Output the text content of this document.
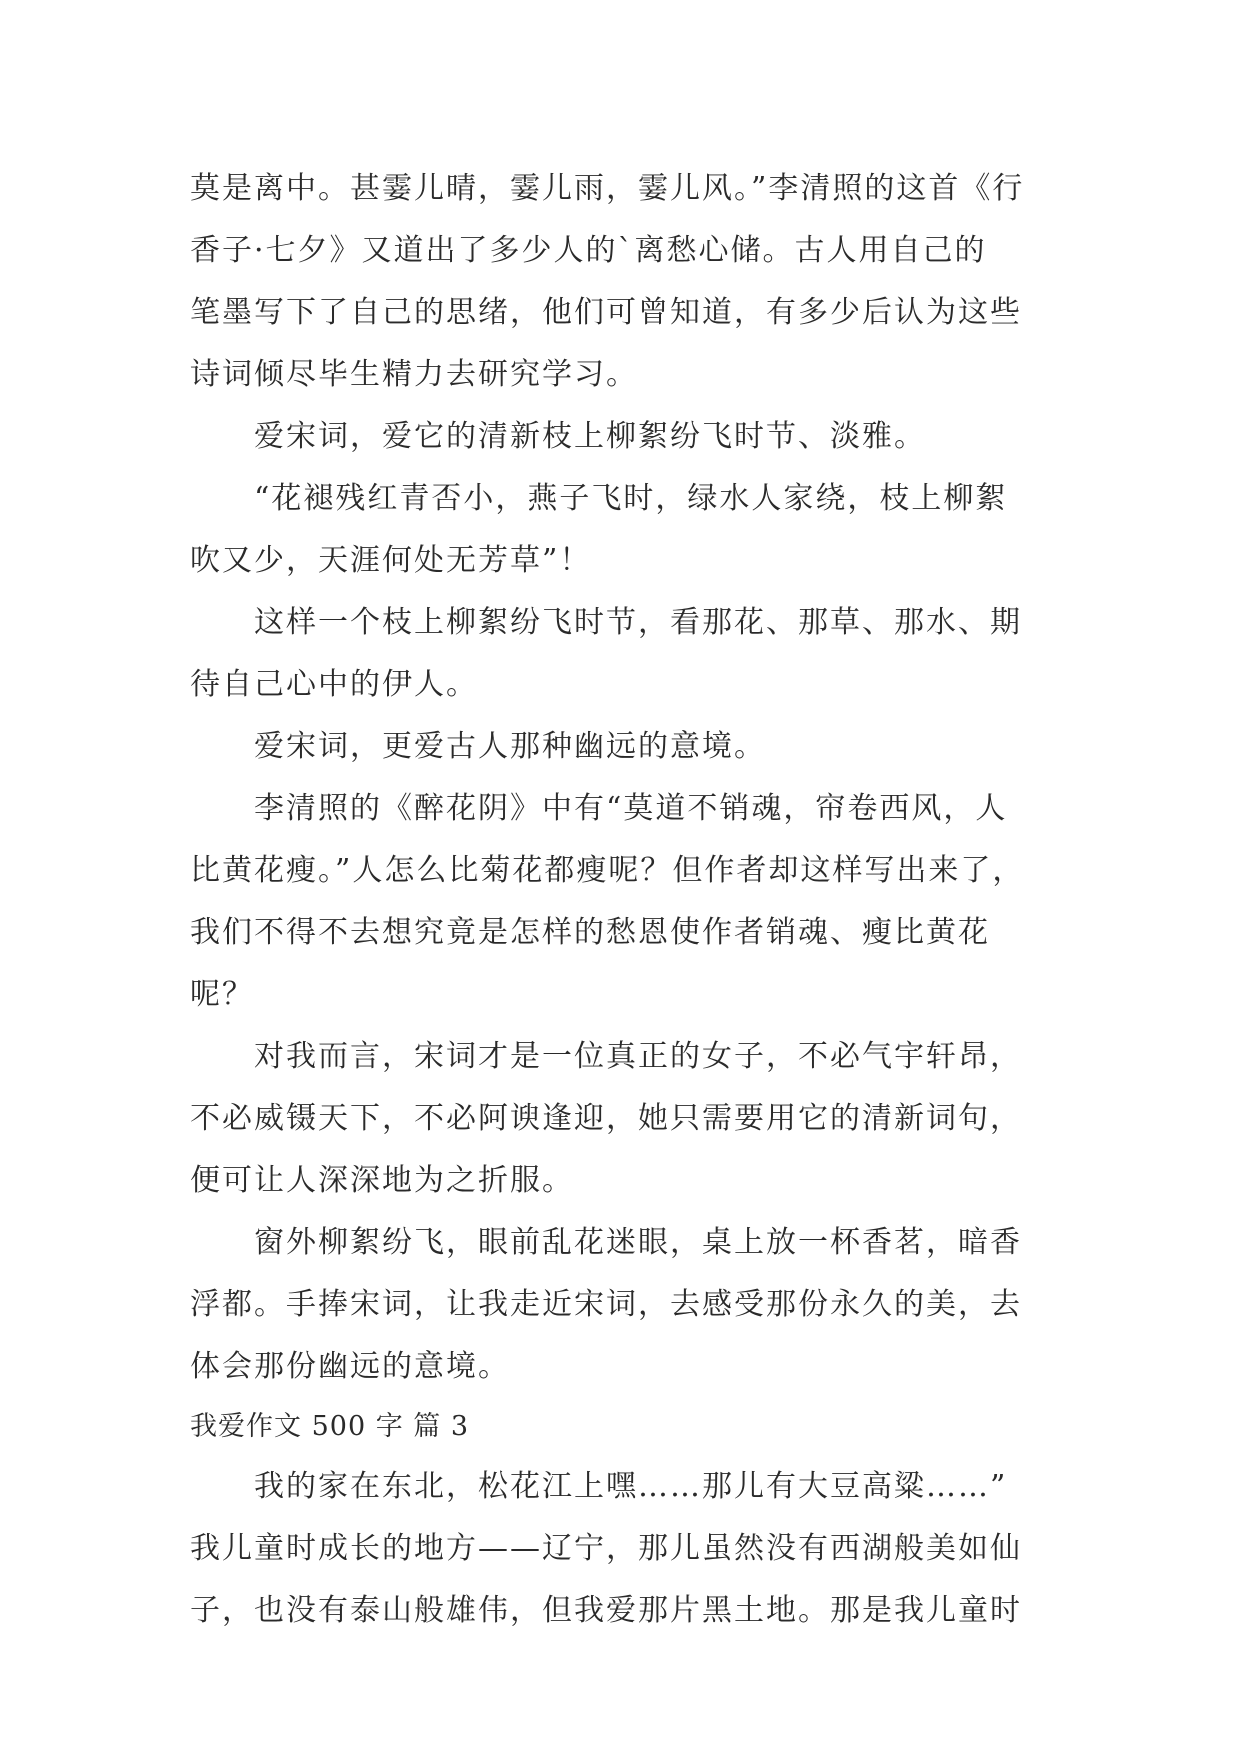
莫是离中。甚霎儿晴，霎儿雨，霎儿风。”李清照的这首《行
香子·七夕》又道出了多少人的`离愁心储。古人用自己的
笔墨写下了自己的思绪，他们可曾知道，有多少后认为这些
诗词倾尽毕生精力去研究学习。
爱宋词，爱它的清新枝上柳絮纷飞时节、淡雅。
“花褪残红青否小，燕子飞时，绿水人家绕，枝上柳絮
吹又少，天涯何处无芳草”！
这样一个枝上柳絮纷飞时节，看那花、那草、那水、期
待自己心中的伊人。
爱宋词，更爱古人那种幽远的意境。
李清照的《醉花阴》中有“莫道不销魂，帘卷西风，人
比黄花瘦。”人怎么比菊花都瘦呢？但作者却这样写出来了，
我们不得不去想究竟是怎样的愁恩使作者销魂、瘦比黄花
呢？
对我而言，宋词才是一位真正的女子，不必气宇轩昂，
不必威镊天下，不必阿谀逢迎，她只需要用它的清新词句，
便可让人深深地为之折服。
窗外柳絮纷飞，眼前乱花迷眼，桌上放一杯香茗，暗香
浮都。手捧宋词，让我走近宋词，去感受那份永久的美，去
体会那份幽远的意境。
我爱作文 500 字 篇 3
我的家在东北，松花江上嘿……那儿有大豆高粱……”
我儿童时成长的地方——辽宁，那儿虽然没有西湖般美如仙
子，也没有泰山般雄伟，但我爱那片黑土地。那是我儿童时
